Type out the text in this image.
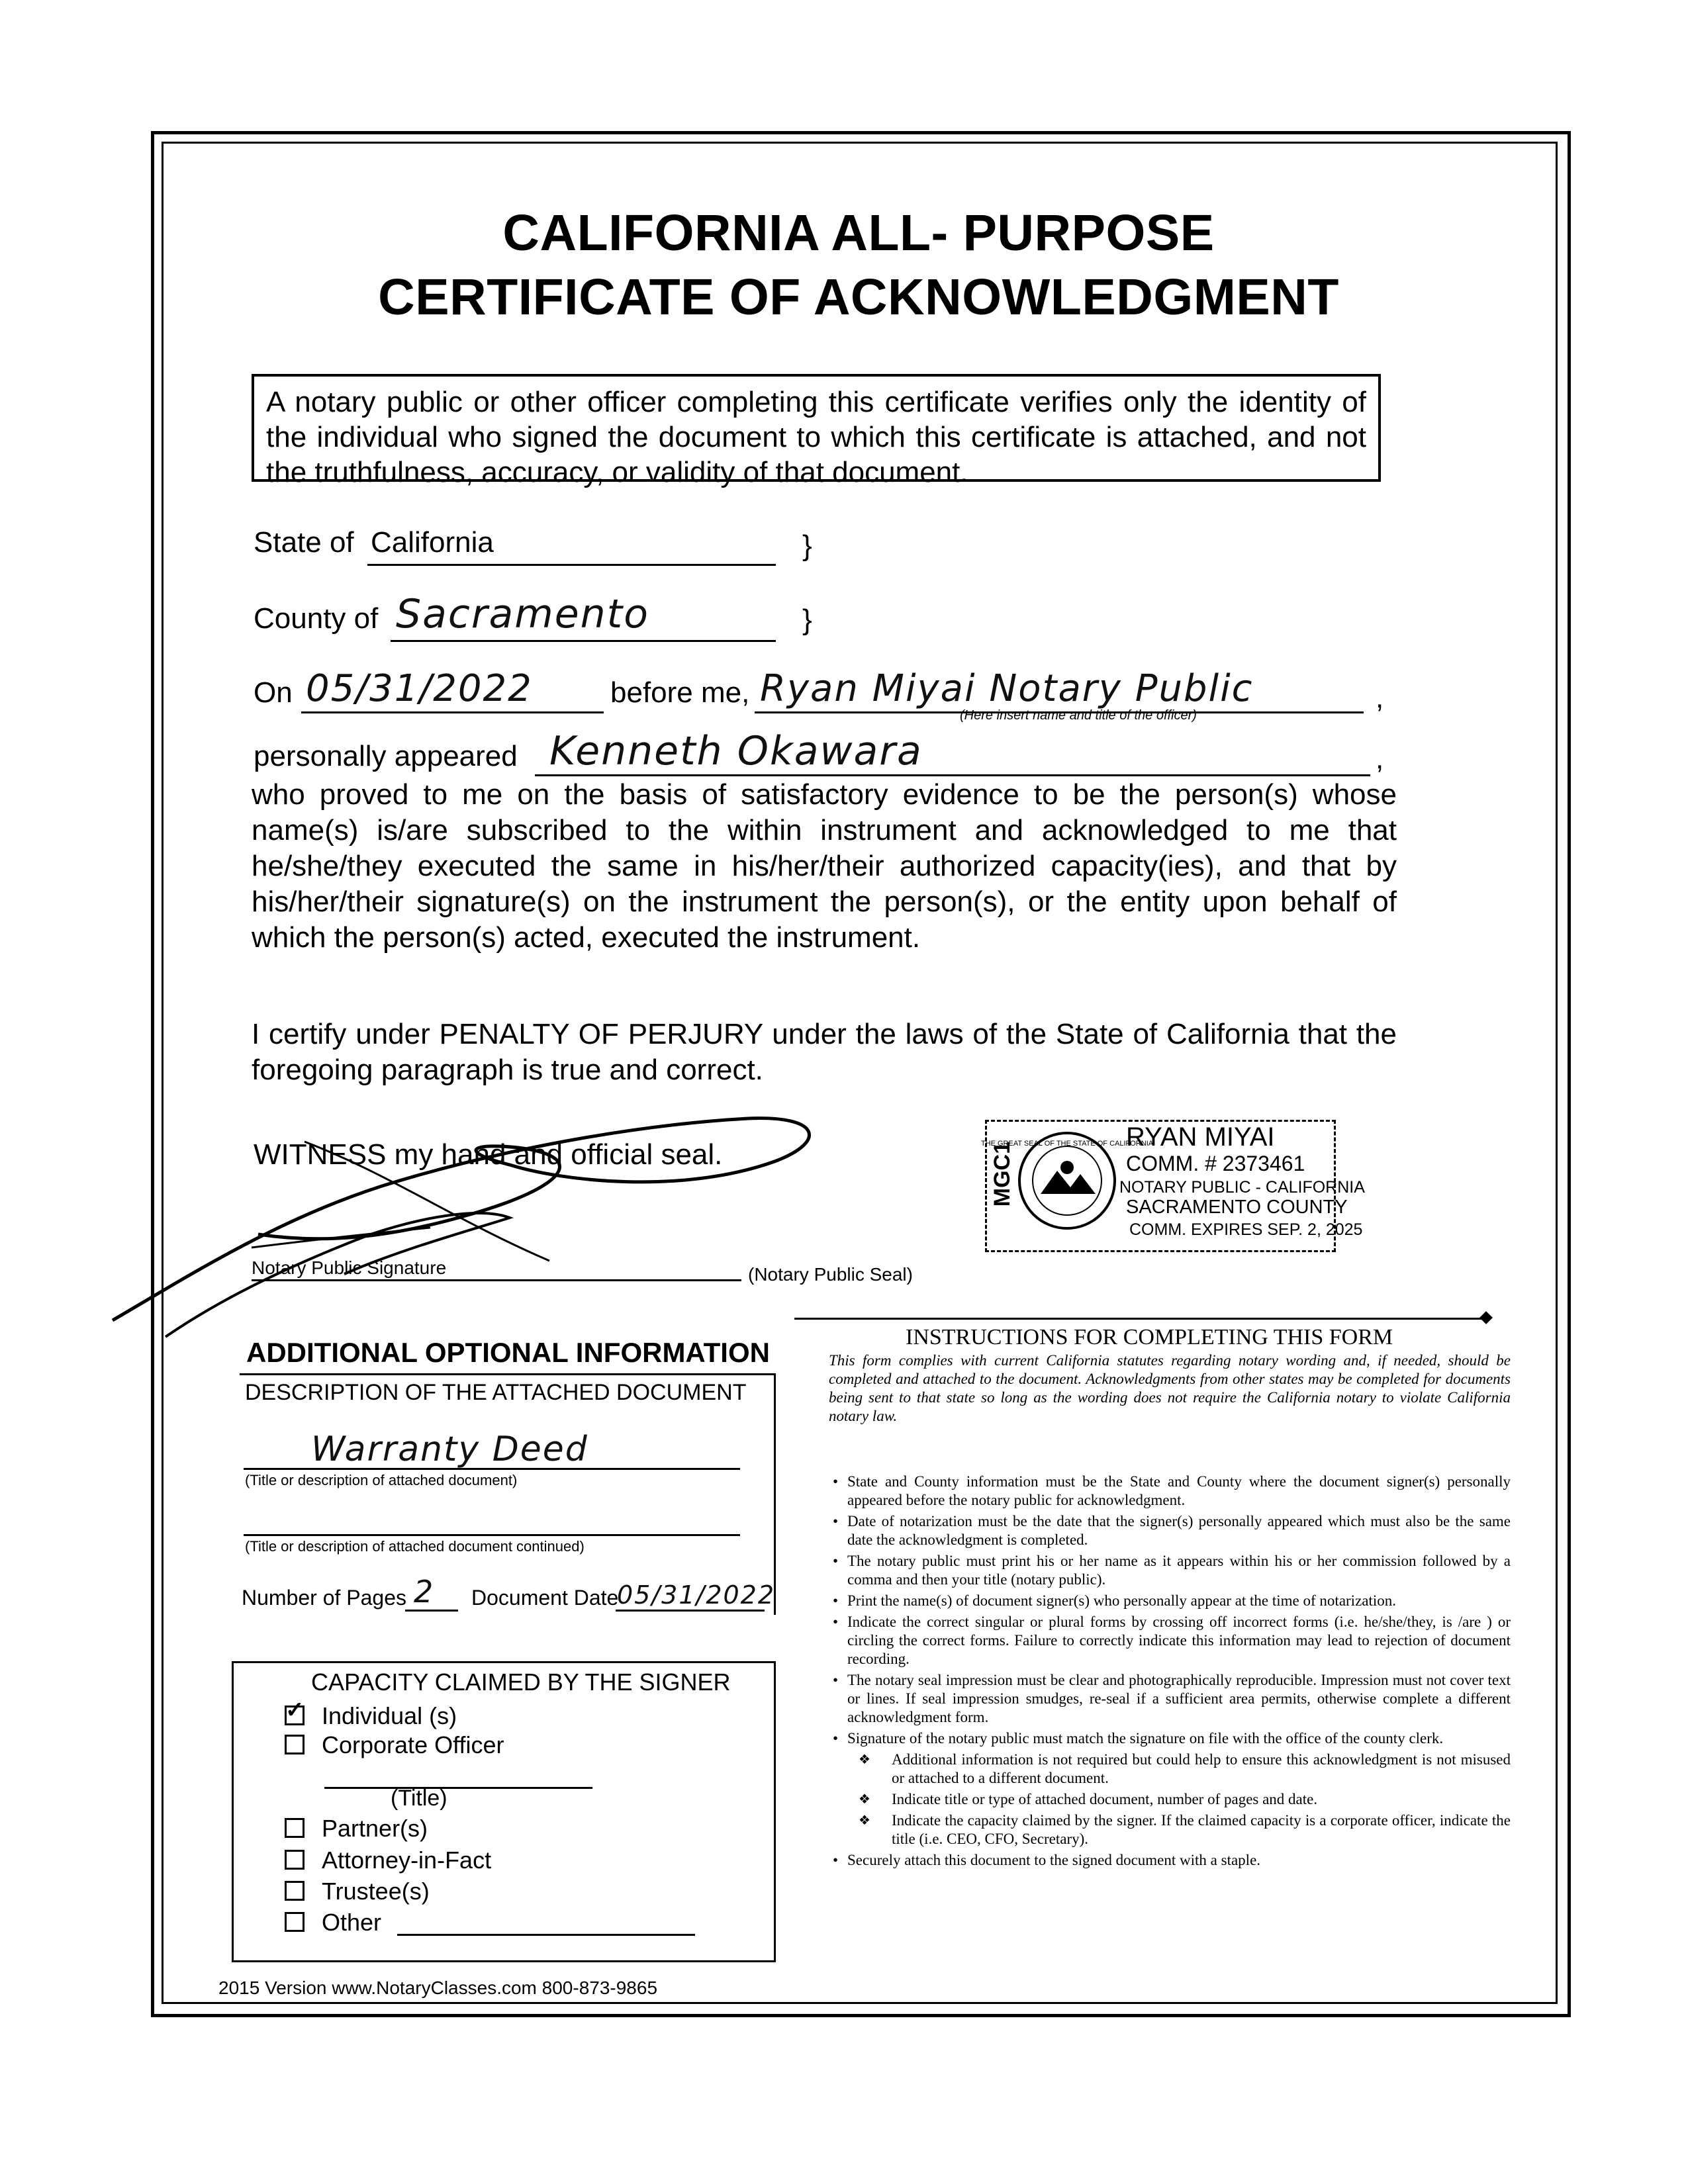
CALIFORNIA ALL- PURPOSE
CERTIFICATE OF ACKNOWLEDGMENT
A notary public or other officer completing this certificate verifies only the identity of the individual who signed the document to which this certificate is attached, and not the truthfulness, accuracy, or validity of that document.
State of California	}
County of Sacramento	}
On 05/31/2022	before me, Ryan Miyai Notary Public
(Here insert name and title of the officer)
,
personally appeared Kenneth Okawara	,
who proved to me on the basis of satisfactory evidence to be the person(s) whose name(s) is/are subscribed to the within instrument and acknowledged to me that he/she/they executed the same in his/her/their authorized capacity(ies), and that by his/her/their signature(s) on the instrument the person(s), or the entity upon behalf of which the person(s) acted, executed the instrument.
I certify under PENALTY OF PERJURY under the laws of the State of California that the foregoing paragraph is true and correct.
WITNESS my hand and official seal.
Notary Public Signature	(Notary Public Seal)
THE GREAT SEAL OF THE STATE OF CALIFORNIA
MGC1
RYAN MIYAI
COMM. # 2373461
NOTARY PUBLIC - CALIFORNIA
SACRAMENTO COUNTY
COMM. EXPIRES SEP. 2, 2025
ADDITIONAL OPTIONAL INFORMATION
DESCRIPTION OF THE ATTACHED DOCUMENT
Warranty Deed
(Title or description of attached document)
(Title or description of attached document continued)
Number of Pages 2 Document Date
05/31/2022
CAPACITY CLAIMED BY THE SIGNER
✓ Individual (s)
Corporate Officer
(Title)
Partner(s)
Attorney-in-Fact
Trustee(s)
Other
INSTRUCTIONS FOR COMPLETING THIS FORM
This form complies with current California statutes regarding notary wording and, if needed, should be completed and attached to the document. Acknowledgments from other states may be completed for documents being sent to that state so long as the wording does not require the California notary to violate California notary law.
• State and County information must be the State and County where the document signer(s) personally appeared before the notary public for acknowledgment.
• Date of notarization must be the date that the signer(s) personally appeared which must also be the same date the acknowledgment is completed.
• The notary public must print his or her name as it appears within his or her commission followed by a comma and then your title (notary public).
• Print the name(s) of document signer(s) who personally appear at the time of notarization.
• Indicate the correct singular or plural forms by crossing off incorrect forms (i.e. he/she/they, is /are ) or circling the correct forms. Failure to correctly indicate this information may lead to rejection of document recording.
• The notary seal impression must be clear and photographically reproducible. Impression must not cover text or lines. If seal impression smudges, re-seal if a sufficient area permits, otherwise complete a different acknowledgment form.
• Signature of the notary public must match the signature on file with the office of the county clerk.
❖ Additional information is not required but could help to ensure this acknowledgment is not misused or attached to a different document.
❖ Indicate title or type of attached document, number of pages and date.
❖ Indicate the capacity claimed by the signer. If the claimed capacity is a corporate officer, indicate the title (i.e. CEO, CFO, Secretary).
• Securely attach this document to the signed document with a staple.
2015 Version www.NotaryClasses.com 800-873-9865
